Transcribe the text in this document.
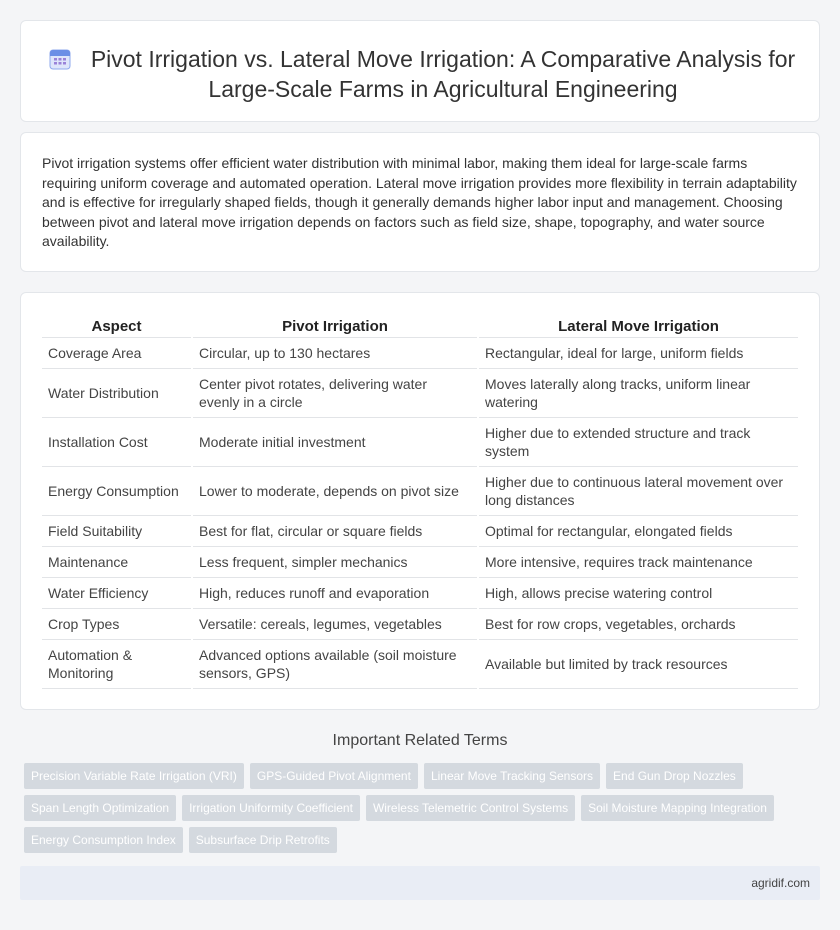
Pivot Irrigation vs. Lateral Move Irrigation: A Comparative Analysis for Large-Scale Farms in Agricultural Engineering

Pivot irrigation systems offer efficient water distribution with minimal labor, making them ideal for large-scale farms requiring uniform coverage and automated operation. Lateral move irrigation provides more flexibility in terrain adaptability and is effective for irregularly shaped fields, though it generally demands higher labor input and management. Choosing between pivot and lateral move irrigation depends on factors such as field size, shape, topography, and water source availability.

Aspect	Pivot Irrigation	Lateral Move Irrigation
Coverage Area	Circular, up to 130 hectares	Rectangular, ideal for large, uniform fields
Water Distribution	Center pivot rotates, delivering water evenly in a circle	Moves laterally along tracks, uniform linear watering
Installation Cost	Moderate initial investment	Higher due to extended structure and track system
Energy Consumption	Lower to moderate, depends on pivot size	Higher due to continuous lateral movement over long distances
Field Suitability	Best for flat, circular or square fields	Optimal for rectangular, elongated fields
Maintenance	Less frequent, simpler mechanics	More intensive, requires track maintenance
Water Efficiency	High, reduces runoff and evaporation	High, allows precise watering control
Crop Types	Versatile: cereals, legumes, vegetables	Best for row crops, vegetables, orchards
Automation & Monitoring	Advanced options available (soil moisture sensors, GPS)	Available but limited by track resources
Important Related Terms
Precision Variable Rate Irrigation (VRI)	GPS-Guided Pivot Alignment	Linear Move Tracking Sensors	End Gun Drop Nozzles
Span Length Optimization	Irrigation Uniformity Coefficient	Wireless Telemetric Control Systems	Soil Moisture Mapping Integration
Energy Consumption Index	Subsurface Drip Retrofits
agridif.com
